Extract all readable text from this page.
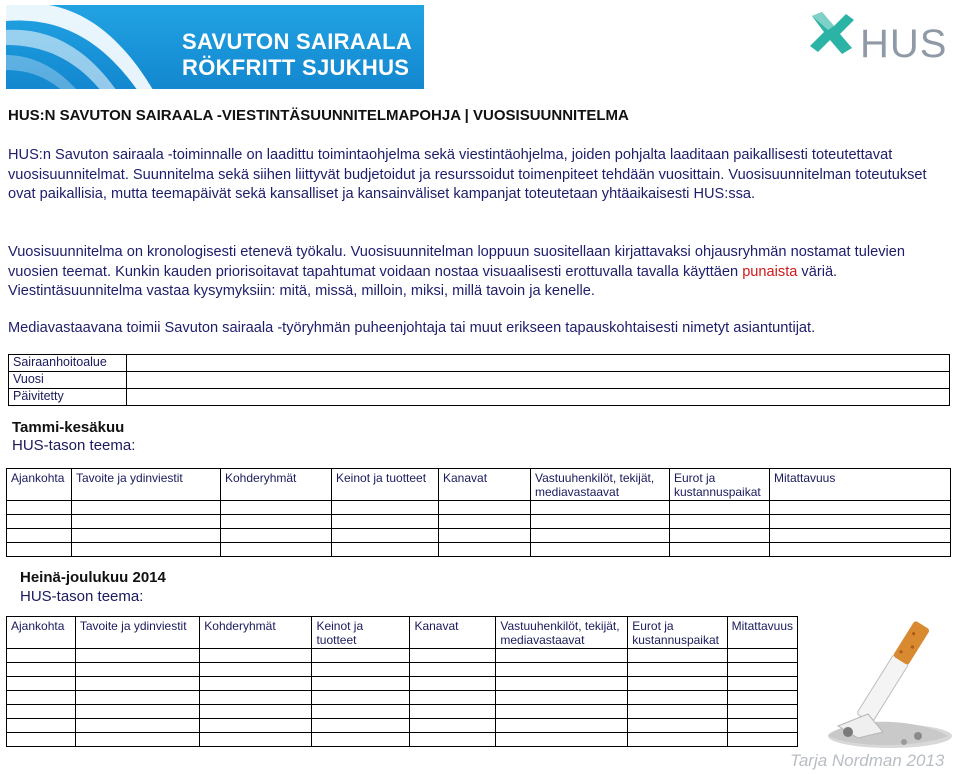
SAVUTON SAIRAALA
RÖKFRITT SJUKHUS
HUS
HUS:N SAVUTON SAIRAALA -VIESTINTÄSUUNNITELMAPOHJA | VUOSISUUNNITELMA
HUS:n Savuton sairaala -toiminnalle on laadittu toimintaohjelma sekä viestintäohjelma, joiden pohjalta laaditaan paikallisesti toteutettavat vuosisuunnitelmat. Suunnitelma sekä siihen liittyvät budjetoidut ja resurssoidut toimenpiteet tehdään vuosittain. Vuosisuunnitelman toteutukset ovat paikallisia, mutta teemapäivät sekä kansalliset ja kansainväliset kampanjat toteutetaan yhtäaikaisesti HUS:ssa.
Vuosisuunnitelma on kronologisesti etenevä työkalu. Vuosisuunnitelman loppuun suositellaan kirjattavaksi ohjausryhmän nostamat tulevien vuosien teemat. Kunkin kauden priorisoitavat tapahtumat voidaan nostaa visuaalisesti erottuvalla tavalla käyttäen punaista väriä. Viestintäsuunnitelma vastaa kysymyksiin: mitä, missä, milloin, miksi, millä tavoin ja kenelle.
Mediavastaavana toimii Savuton sairaala -työryhmän puheenjohtaja tai muut erikseen tapauskohtaisesti nimetyt asiantuntijat.
Sairaanhoitoalue	
Vuosi	
Päivitetty	
Tammi-kesäkuu
HUS-tason teema:
Ajankohta	Tavoite ja ydinviestit	Kohderyhmät	Keinot ja tuotteet	Kanavat	Vastuuhenkilöt, tekijät, mediavastaavat	Eurot ja kustannuspaikat	Mitattavuus

Heinä-joulukuu 2014
HUS-tason teema:
Ajankohta	Tavoite ja ydinviestit	Kohderyhmät	Keinot ja tuotteet	Kanavat	Vastuuhenkilöt, tekijät, mediavastaavat	Eurot ja kustannuspaikat	Mitattavuus

Tarja Nordman 2013
